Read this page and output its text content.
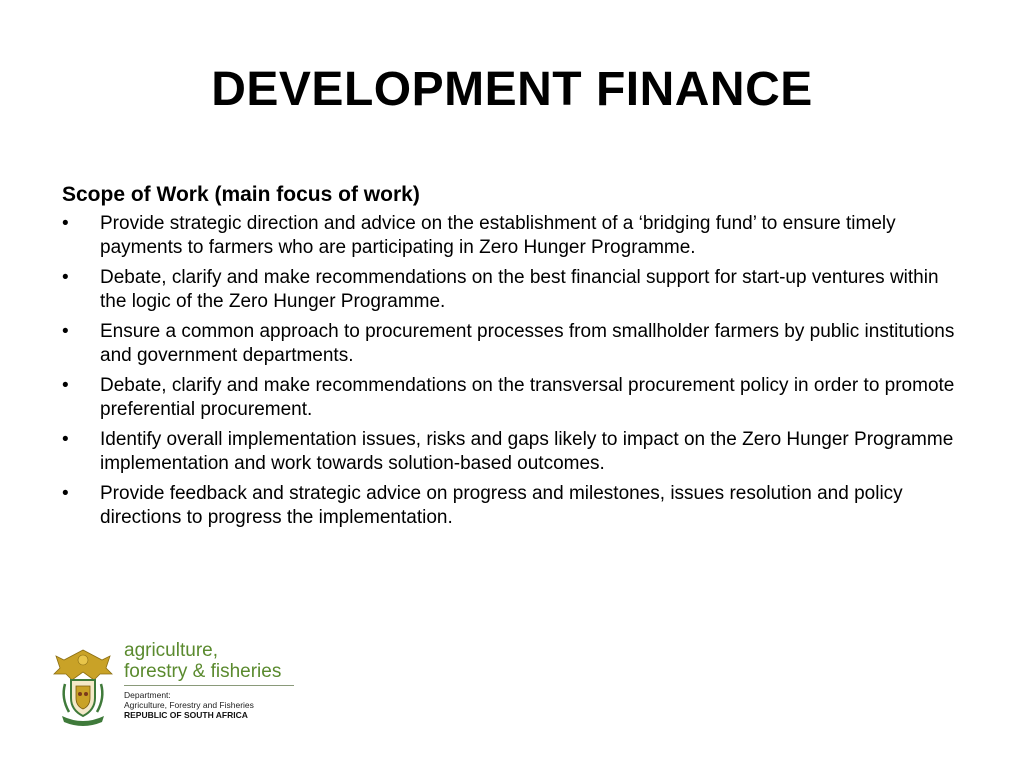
DEVELOPMENT FINANCE
Scope of Work (main focus of work)
• Provide strategic direction and advice on the establishment of a ‘bridging fund’ to ensure timely payments to farmers who are participating in Zero Hunger Programme.
• Debate, clarify and make recommendations on the best financial support for start-up ventures within the logic of the Zero Hunger Programme.
• Ensure a common approach to procurement processes from smallholder farmers by public institutions and government departments.
• Debate, clarify and make recommendations on the transversal procurement policy in order to promote preferential procurement.
• Identify overall implementation issues, risks and gaps likely to impact on the Zero Hunger Programme implementation and work towards solution-based outcomes.
• Provide feedback and strategic advice on progress and milestones, issues resolution and policy directions to progress the implementation.
agriculture,
forestry & fisheries
Department:
Agriculture, Forestry and Fisheries
REPUBLIC OF SOUTH AFRICA
